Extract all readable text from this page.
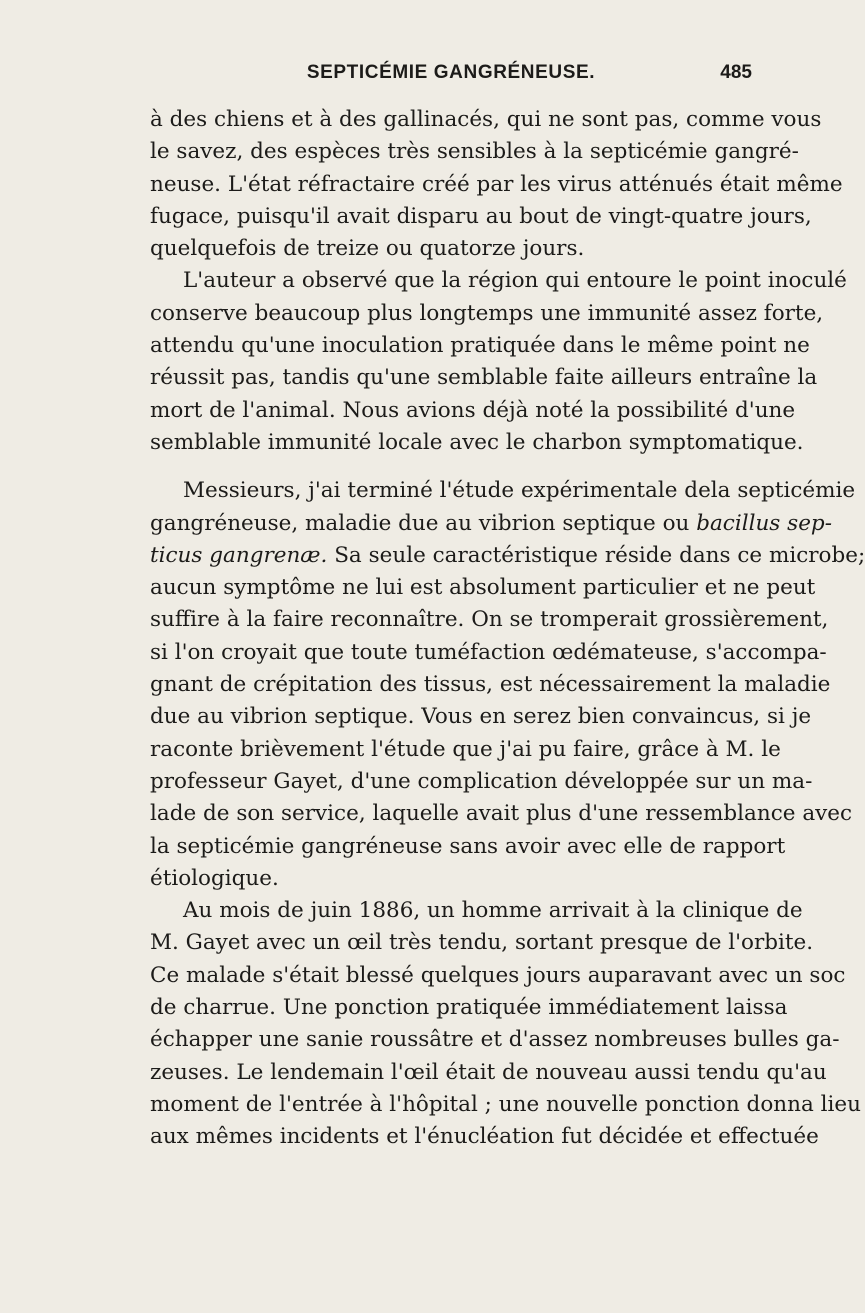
SEPTICÉMIE GANGRÉNEUSE.	485
à des chiens et à des gallinacés, qui ne sont pas, comme vous
le savez, des espèces très sensibles à la septicémie gangré-
neuse. L'état réfractaire créé par les virus atténués était même
fugace, puisqu'il avait disparu au bout de vingt-quatre jours,
quelquefois de treize ou quatorze jours.
L'auteur a observé que la région qui entoure le point inoculé
conserve beaucoup plus longtemps une immunité assez forte,
attendu qu'une inoculation pratiquée dans le même point ne
réussit pas, tandis qu'une semblable faite ailleurs entraîne la
mort de l'animal. Nous avions déjà noté la possibilité d'une
semblable immunité locale avec le charbon symptomatique.
Messieurs, j'ai terminé l'étude expérimentale dela septicémie
gangréneuse, maladie due au vibrion septique ou bacillus sep-
ticus gangrenæ. Sa seule caractéristique réside dans ce microbe;
aucun symptôme ne lui est absolument particulier et ne peut
suffire à la faire reconnaître. On se tromperait grossièrement,
si l'on croyait que toute tuméfaction œdémateuse, s'accompa-
gnant de crépitation des tissus, est nécessairement la maladie
due au vibrion septique. Vous en serez bien convaincus, si je
raconte brièvement l'étude que j'ai pu faire, grâce à M. le
professeur Gayet, d'une complication développée sur un ma-
lade de son service, laquelle avait plus d'une ressemblance avec
la septicémie gangréneuse sans avoir avec elle de rapport
étiologique.
Au mois de juin 1886, un homme arrivait à la clinique de
M. Gayet avec un œil très tendu, sortant presque de l'orbite.
Ce malade s'était blessé quelques jours auparavant avec un soc
de charrue. Une ponction pratiquée immédiatement laissa
échapper une sanie roussâtre et d'assez nombreuses bulles ga-
zeuses. Le lendemain l'œil était de nouveau aussi tendu qu'au
moment de l'entrée à l'hôpital ; une nouvelle ponction donna lieu
aux mêmes incidents et l'énucléation fut décidée et effectuée
